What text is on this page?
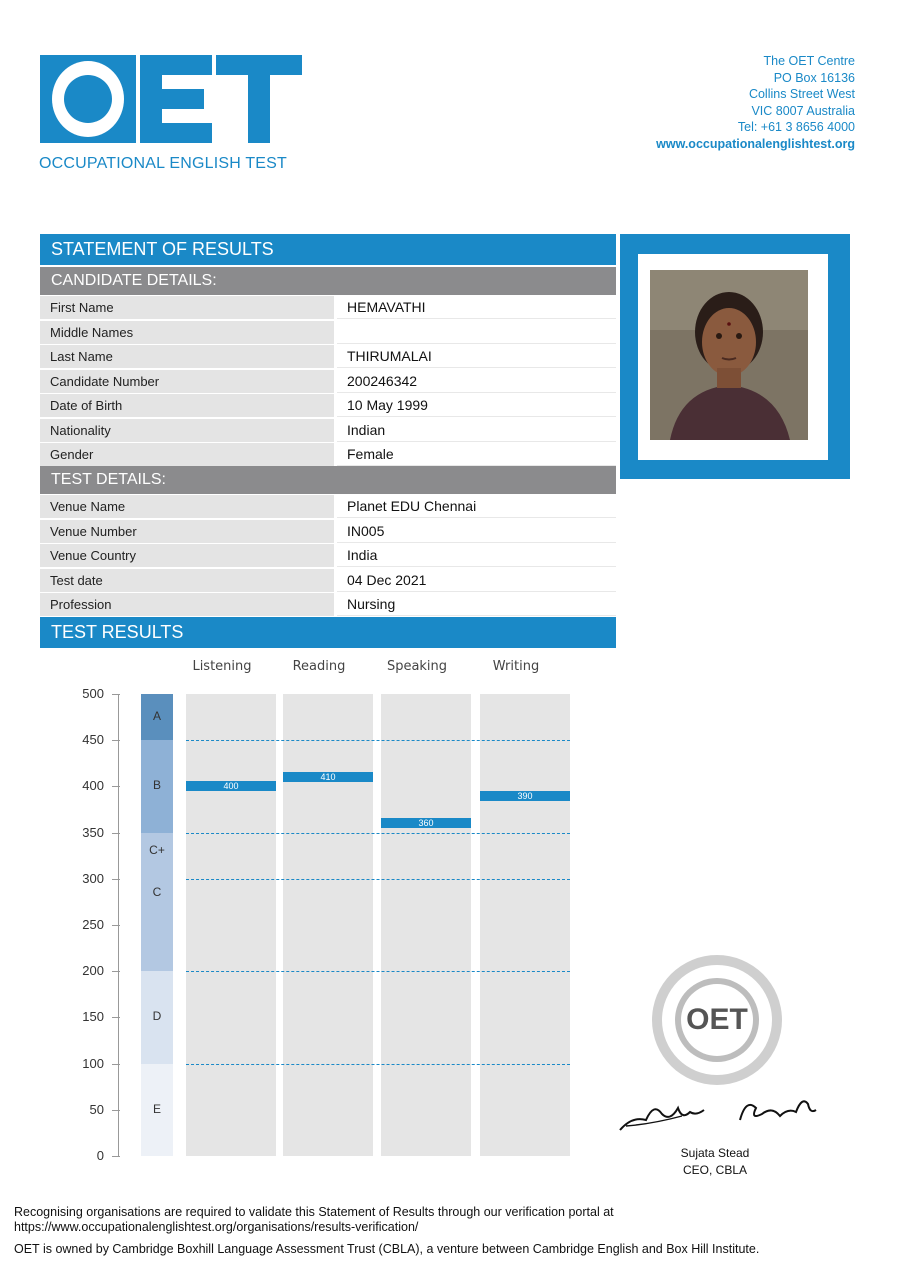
OCCUPATIONAL ENGLISH TEST
The OET Centre
PO Box 16136
Collins Street West
VIC 8007 Australia
Tel: +61 3 8656 4000
www.occupationalenglishtest.org
STATEMENT OF RESULTS
CANDIDATE DETAILS:
First Name	HEMAVATHI
Middle Names
Last Name	THIRUMALAI
Candidate Number	200246342
Date of Birth	10 May 1999
Nationality	Indian
Gender	Female
TEST DETAILS:
Venue Name	Planet EDU Chennai
Venue Number	IN005
Venue Country	India
Test date	04 Dec 2021
Profession	Nursing
TEST RESULTS
500
450
400
350
300
250
200
150
100
50
0
A
B
C+
C
D
E
Listening	Reading	Speaking	Writing
400
410
360
390
OET
Sujata Stead
CEO, CBLA
Recognising organisations are required to validate this Statement of Results through our verification portal at
https://www.occupationalenglishtest.org/organisations/results-verification/
OET is owned by Cambridge Boxhill Language Assessment Trust (CBLA), a venture between Cambridge English and Box Hill Institute.
